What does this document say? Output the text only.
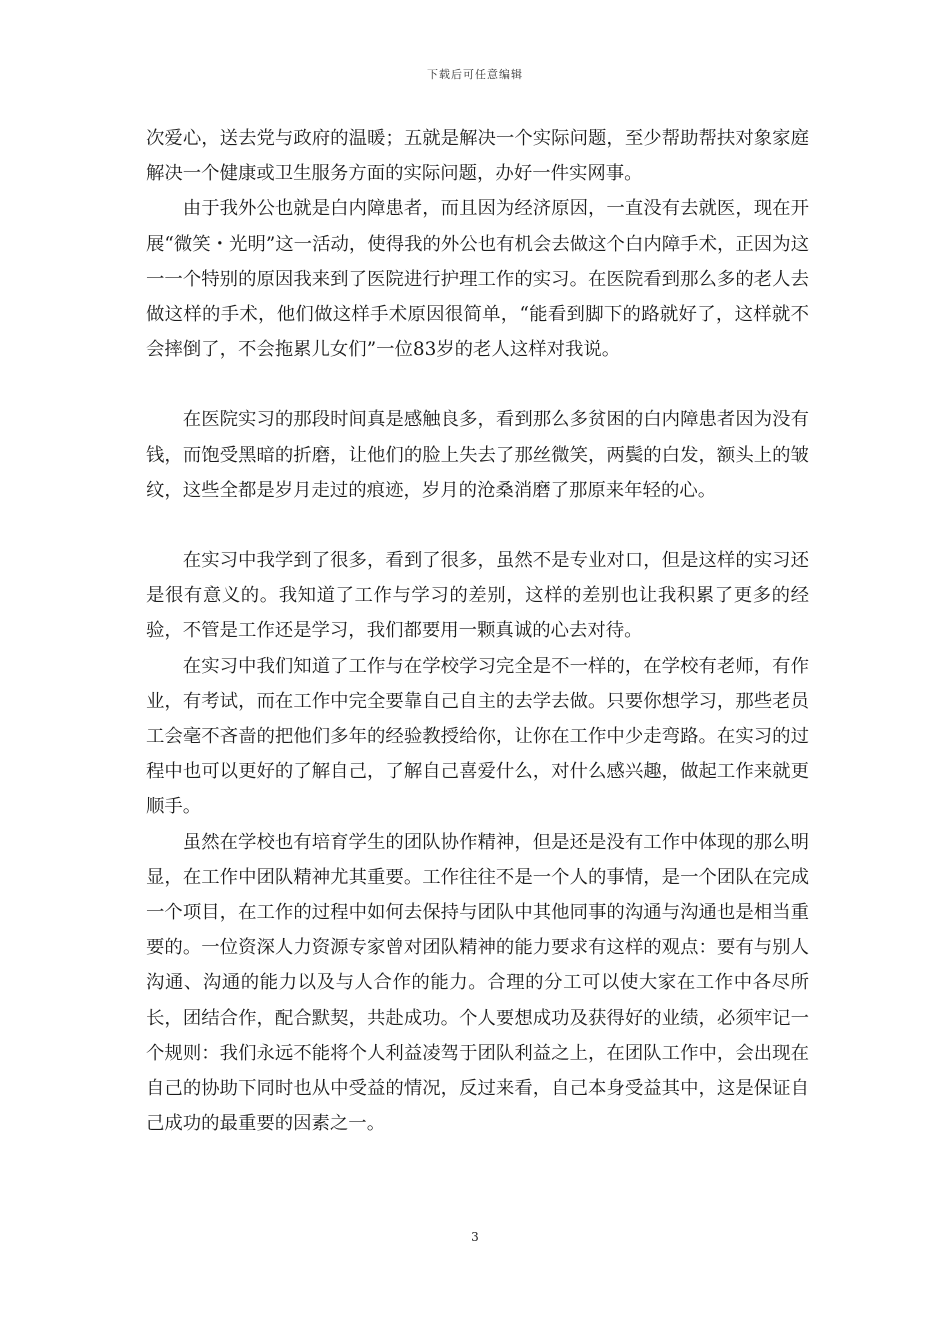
下载后可任意编辑

次爱心，送去党与政府的温暖；五就是解决一个实际问题，至少帮助帮扶对象家庭解决一个健康或卫生服务方面的实际问题，办好一件实网事。

由于我外公也就是白内障患者，而且因为经济原因，一直没有去就医，现在开展“微笑・光明”这一活动，使得我的外公也有机会去做这个白内障手术，正因为这一一个特别的原因我来到了医院进行护理工作的实习。在医院看到那么多的老人去做这样的手术，他们做这样手术原因很简单，“能看到脚下的路就好了，这样就不会摔倒了，不会拖累儿女们”一位83岁的老人这样对我说。

在医院实习的那段时间真是感触良多，看到那么多贫困的白内障患者因为没有钱，而饱受黑暗的折磨，让他们的脸上失去了那丝微笑，两鬓的白发，额头上的皱纹，这些全都是岁月走过的痕迹，岁月的沧桑消磨了那原来年轻的心。

在实习中我学到了很多，看到了很多，虽然不是专业对口，但是这样的实习还是很有意义的。我知道了工作与学习的差别，这样的差别也让我积累了更多的经验，不管是工作还是学习，我们都要用一颗真诚的心去对待。

在实习中我们知道了工作与在学校学习完全是不一样的，在学校有老师，有作业，有考试，而在工作中完全要靠自己自主的去学去做。只要你想学习，那些老员工会毫不吝啬的把他们多年的经验教授给你，让你在工作中少走弯路。在实习的过程中也可以更好的了解自己，了解自己喜爱什么，对什么感兴趣，做起工作来就更顺手。

虽然在学校也有培育学生的团队协作精神，但是还是没有工作中体现的那么明显，在工作中团队精神尤其重要。工作往往不是一个人的事情，是一个团队在完成一个项目，在工作的过程中如何去保持与团队中其他同事的沟通与沟通也是相当重要的。一位资深人力资源专家曾对团队精神的能力要求有这样的观点：要有与别人沟通、沟通的能力以及与人合作的能力。合理的分工可以使大家在工作中各尽所长，团结合作，配合默契，共赴成功。个人要想成功及获得好的业绩，必须牢记一个规则：我们永远不能将个人利益凌驾于团队利益之上，在团队工作中，会出现在自己的协助下同时也从中受益的情况，反过来看，自己本身受益其中，这是保证自己成功的最重要的因素之一。

3
